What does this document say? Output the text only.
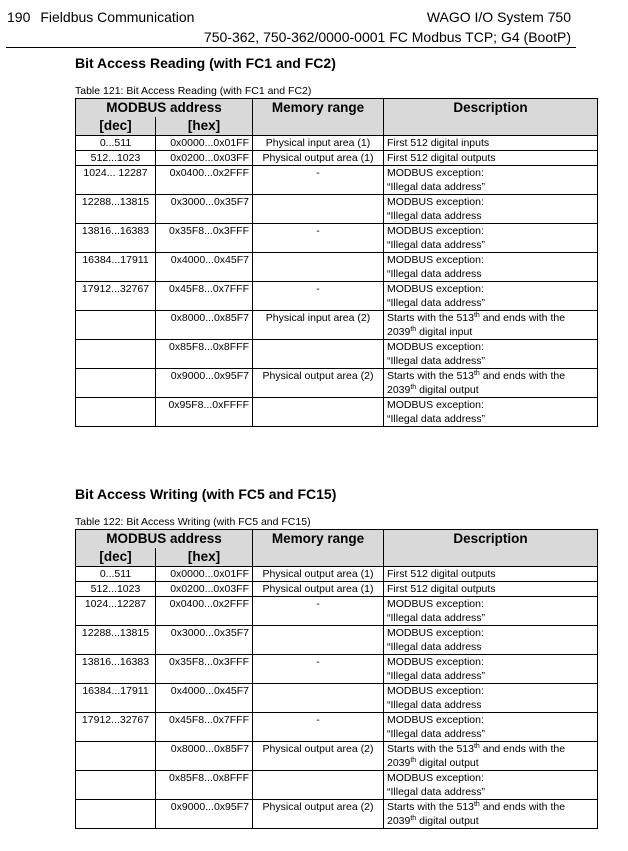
190 Fieldbus Communication	WAGO I/O System 750
750-362, 750-362/0000-0001 FC Modbus TCP; G4 (BootP)
Bit Access Reading (with FC1 and FC2)
Table 121: Bit Access Reading (with FC1 and FC2)
MODBUS address		Memory range	Description
[dec]	[hex]		
0...511	0x0000...0x01FF	Physical input area (1)	First 512 digital inputs

512...1023	0x0200...0x03FF	Physical output area (1)	First 512 digital outputs

1024... 12287	0x0400...0x2FFF	-	MODBUS exception:
“Illegal data address”

12288...13815	0x3000...0x35F7		MODBUS exception:
“Illegal data address

13816...16383	0x35F8...0x3FFF	-	MODBUS exception:
“Illegal data address”

16384...17911	0x4000...0x45F7		MODBUS exception:
“Illegal data address

17912...32767	0x45F8...0x7FFF	-	MODBUS exception:
“Illegal data address”

	0x8000...0x85F7	Physical input area (2)	Starts with the 513th and ends with the
2039th digital input

	0x85F8...0x8FFF		MODBUS exception:
“Illegal data address”

	0x9000...0x95F7	Physical output area (2)	Starts with the 513th and ends with the
2039th digital output

	0x95F8...0xFFFF		MODBUS exception:
“Illegal data address”
Bit Access Writing (with FC5 and FC15)
Table 122: Bit Access Writing (with FC5 and FC15)
MODBUS address		Memory range	Description
[dec]	[hex]		
0...511	0x0000...0x01FF	Physical output area (1)	First 512 digital outputs

512...1023	0x0200...0x03FF	Physical output area (1)	First 512 digital outputs

1024...12287	0x0400...0x2FFF	-	MODBUS exception:
“Illegal data address”

12288...13815	0x3000...0x35F7		MODBUS exception:
“Illegal data address

13816...16383	0x35F8...0x3FFF	-	MODBUS exception:
“Illegal data address”

16384...17911	0x4000...0x45F7		MODBUS exception:
“Illegal data address

17912...32767	0x45F8...0x7FFF	-	MODBUS exception:
“Illegal data address”

	0x8000...0x85F7	Physical output area (2)	Starts with the 513th and ends with the
2039th digital output

	0x85F8...0x8FFF		MODBUS exception:
“Illegal data address”

	0x9000...0x95F7	Physical output area (2)	Starts with the 513th and ends with the
2039th digital output
